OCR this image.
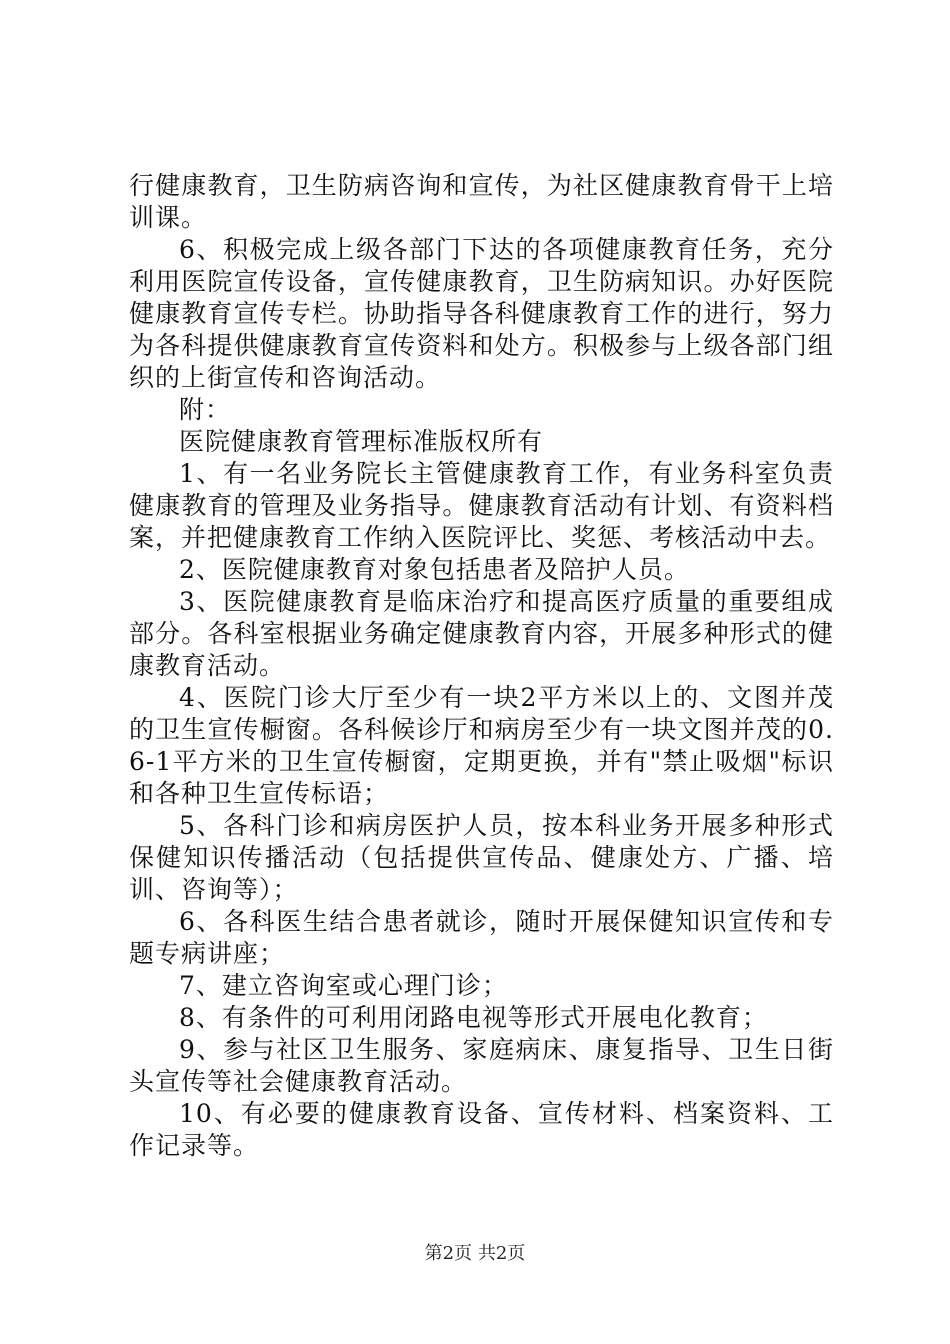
行健康教育，卫生防病咨询和宣传，为社区健康教育骨干上培训课。

6、积极完成上级各部门下达的各项健康教育任务，充分利用医院宣传设备，宣传健康教育，卫生防病知识。办好医院健康教育宣传专栏。协助指导各科健康教育工作的进行，努力为各科提供健康教育宣传资料和处方。积极参与上级各部门组织的上街宣传和咨询活动。

附：

医院健康教育管理标准版权所有

1、有一名业务院长主管健康教育工作，有业务科室负责健康教育的管理及业务指导。健康教育活动有计划、有资料档案，并把健康教育工作纳入医院评比、奖惩、考核活动中去。

2、医院健康教育对象包括患者及陪护人员。

3、医院健康教育是临床治疗和提高医疗质量的重要组成部分。各科室根据业务确定健康教育内容，开展多种形式的健康教育活动。

4、医院门诊大厅至少有一块2平方米以上的、文图并茂的卫生宣传橱窗。各科候诊厅和病房至少有一块文图并茂的0.6-1平方米的卫生宣传橱窗，定期更换，并有"禁止吸烟"标识和各种卫生宣传标语；

5、各科门诊和病房医护人员，按本科业务开展多种形式保健知识传播活动（包括提供宣传品、健康处方、广播、培训、咨询等）；

6、各科医生结合患者就诊，随时开展保健知识宣传和专题专病讲座；

7、建立咨询室或心理门诊；

8、有条件的可利用闭路电视等形式开展电化教育；

9、参与社区卫生服务、家庭病床、康复指导、卫生日街头宣传等社会健康教育活动。

10、有必要的健康教育设备、宣传材料、档案资料、工作记录等。

第2页 共2页
